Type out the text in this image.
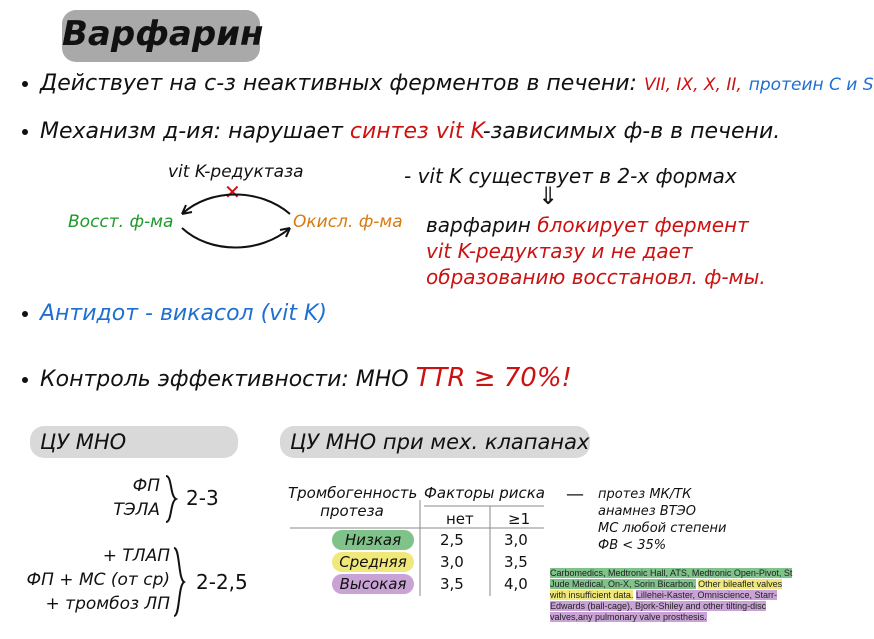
Варфарин
Действует на с-з неактивных ферментов в печени: VII, IX, X, II, протеин C и S
Механизм д-ия: нарушает синтез vit K-зависимых ф-в в печени.
vit K-редуктаза
✕
Восст. ф-ма	Окисл. ф-ма
- vit K существует в 2-х формах
⇓
варфарин блокирует фермент
vit K-редуктазу и не дает
образованию восстановл. ф-мы.
Антидот - викасол (vit K)
Контроль эффективности: МНО TTR ≥ 70%!
ЦУ МНО
ФП
ТЭЛА 2-3
+ ТЛАП
ФП + МС (от ср)
+ тромбоз ЛП
2-2,5
ЦУ МНО при мех. клапанах
Тромбогенность
протеза
Факторы риска
нет ≥1
Низкая	2,5	3,0
Средняя	3,0	3,5
Высокая	3,5	4,0
— протез МК/ТК
анамнез ВТЭО
МС любой степени
ФВ < 35%
Carbomedics, Medtronic Hall, ATS, Medtronic Open-Pivot, St Jude Medical, On-X, Sorin Bicarbon. Other bileaflet valves with insufficient data. Lillehei-Kaster, Omniscience, Starr-Edwards (ball-cage), Bjork-Shiley and other tilting-disc valves,any pulmonary valve prosthesis.
